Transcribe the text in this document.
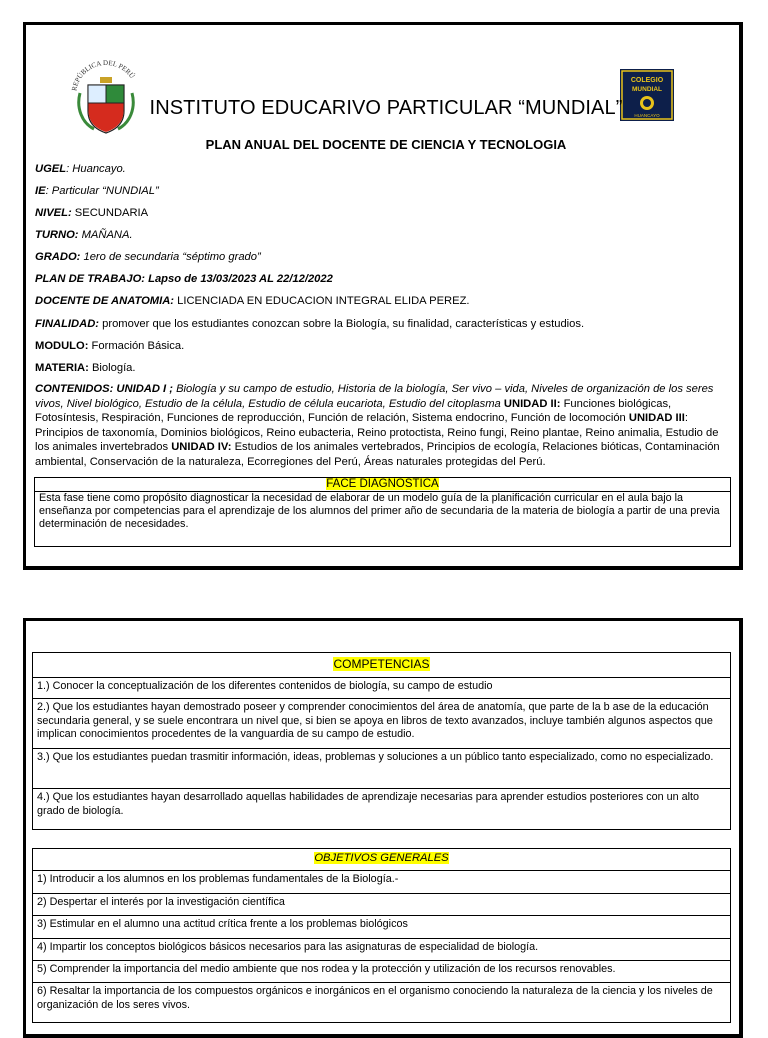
REPÚBLICA DEL PERÚ
COLEGIO
MUNDIAL
HUANCAYO
INSTITUTO EDUCARIVO PARTICULAR “MUNDIAL”
PLAN ANUAL DEL DOCENTE DE CIENCIA Y TECNOLOGIA
UGEL: Huancayo.
IE: Particular “NUNDIAL”
NIVEL: SECUNDARIA
TURNO: MAÑANA.
GRADO: 1ero de secundaria “séptimo grado”
PLAN DE TRABAJO: Lapso de 13/03/2023 AL 22/12/2022
DOCENTE DE ANATOMIA: LICENCIADA EN EDUCACION INTEGRAL ELIDA PEREZ.
FINALIDAD: promover que los estudiantes conozcan sobre la Biología, su finalidad, características y estudios.
MODULO: Formación Básica.
MATERIA: Biología.
CONTENIDOS: UNIDAD I ; Biología y su campo de estudio, Historia de la biología, Ser vivo – vida, Niveles de organización de los seres vivos, Nivel biológico, Estudio de la célula, Estudio de célula eucariota, Estudio del citoplasma UNIDAD II: Funciones biológicas, Fotosíntesis, Respiración, Funciones de reproducción, Función de relación, Sistema endocrino, Función de locomoción UNIDAD III: Principios de taxonomía, Dominios biológicos, Reino eubacteria, Reino protoctista, Reino fungi, Reino plantae, Reino animalia, Estudio de los animales invertebrados UNIDAD IV: Estudios de los animales vertebrados, Principios de ecología, Relaciones bióticas, Contaminación ambiental, Conservación de la naturaleza, Ecorregiones del Perú, Áreas naturales protegidas del Perú.
FACE DIAGNOSTICA
Esta fase tiene como propósito diagnosticar la necesidad de elaborar de un modelo guía de la planificación curricular en el aula bajo la enseñanza por competencias para el aprendizaje de los alumnos del primer año de secundaria de la materia de biología a partir de una previa determinación de necesidades.
COMPETENCIAS
1.) Conocer la conceptualización de los diferentes contenidos de biología, su campo de estudio
2.) Que los estudiantes hayan demostrado poseer y comprender conocimientos del área de anatomía, que parte de la b ase de la educación secundaria general, y se suele encontrara un nivel que, si bien se apoya en libros de texto avanzados, incluye también algunos aspectos que implican conocimientos procedentes de la vanguardia de su campo de estudio.
3.) Que los estudiantes puedan trasmitir información, ideas, problemas y soluciones a un público tanto especializado, como no especializado.
4.) Que los estudiantes hayan desarrollado aquellas habilidades de aprendizaje necesarias para aprender estudios posteriores con un alto grado de biología.
OBJETIVOS GENERALES
1) Introducir a los alumnos en los problemas fundamentales de la Biología.-
2) Despertar el interés por la investigación científica
3) Estimular en el alumno una actitud crítica frente a los problemas biológicos
4) Impartir los conceptos biológicos básicos necesarios para las asignaturas de especialidad de biología.
5) Comprender la importancia del medio ambiente que nos rodea y la protección y utilización de los recursos renovables.
6) Resaltar la importancia de los compuestos orgánicos e inorgánicos en el organismo conociendo la naturaleza de la ciencia y los niveles de organización de los seres vivos.
